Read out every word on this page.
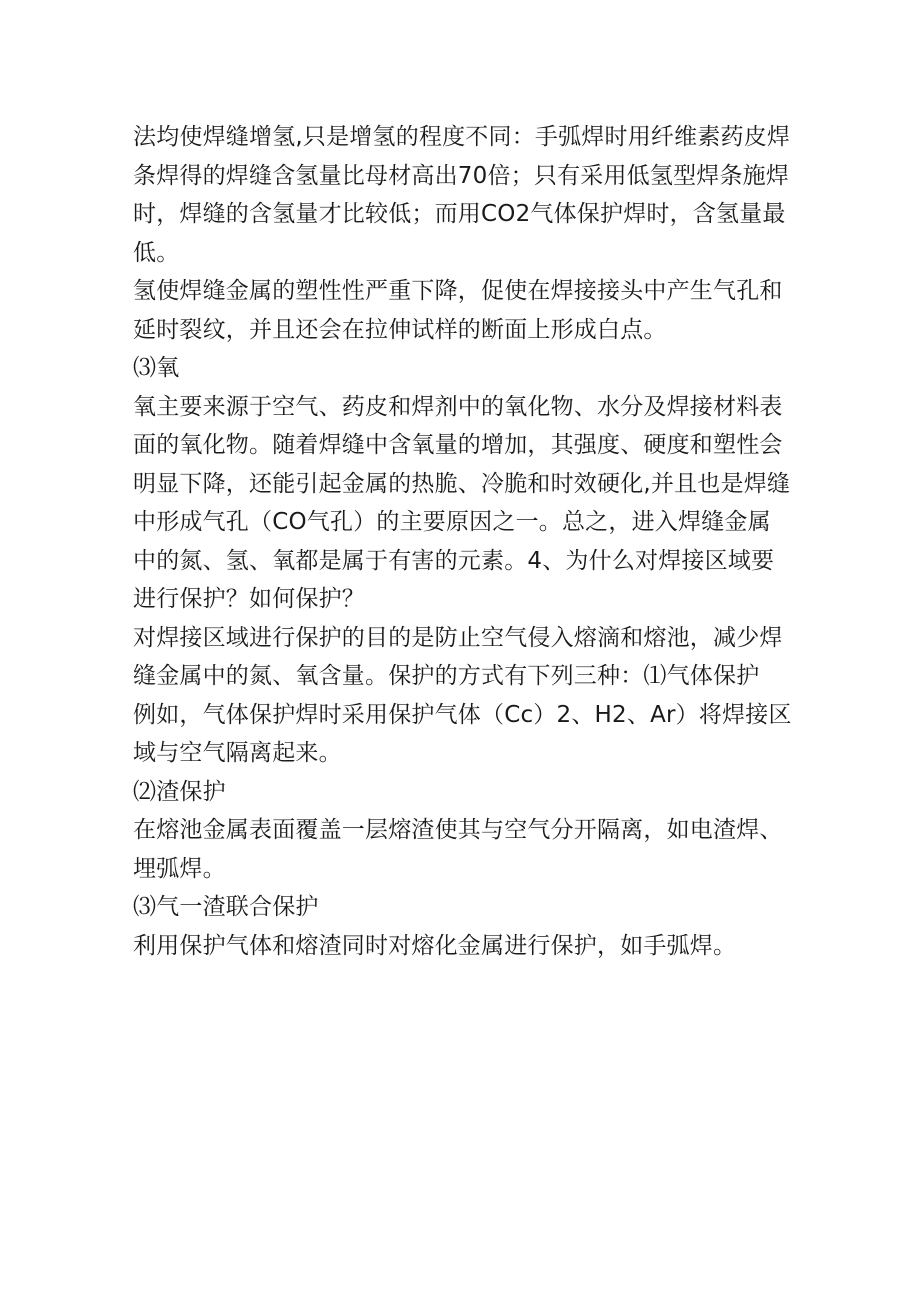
法均使焊缝增氢,只是增氢的程度不同：手弧焊时用纤维素药皮焊
条焊得的焊缝含氢量比母材高出70倍；只有采用低氢型焊条施焊
时，焊缝的含氢量才比较低；而用CO2气体保护焊时，含氢量最
低。
氢使焊缝金属的塑性性严重下降，促使在焊接接头中产生气孔和
延时裂纹，并且还会在拉伸试样的断面上形成白点。
⑶氧
氧主要来源于空气、药皮和焊剂中的氧化物、水分及焊接材料表
面的氧化物。随着焊缝中含氧量的增加，其强度、硬度和塑性会
明显下降，还能引起金属的热脆、冷脆和时效硬化,并且也是焊缝
中形成气孔（CO气孔）的主要原因之一。总之，进入焊缝金属
中的氮、氢、氧都是属于有害的元素。4、为什么对焊接区域要
进行保护？如何保护？
对焊接区域进行保护的目的是防止空气侵入熔滴和熔池，减少焊
缝金属中的氮、氧含量。保护的方式有下列三种：⑴气体保护
例如，气体保护焊时采用保护气体（Cc）2、H2、Ar）将焊接区
域与空气隔离起来。
⑵渣保护
在熔池金属表面覆盖一层熔渣使其与空气分开隔离，如电渣焊、
埋弧焊。
⑶气一渣联合保护
利用保护气体和熔渣同时对熔化金属进行保护，如手弧焊。
